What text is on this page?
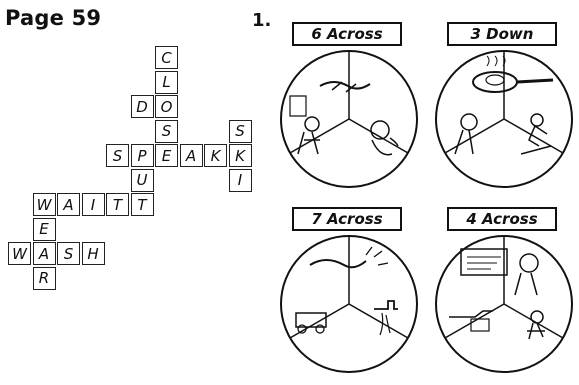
Page 59
C
L
D O
S	S
S	P	E A K K
U	I
W A	I	T	T
E
W A S H
R
1.
6 Across	3 Down
7 Across	4 Across
